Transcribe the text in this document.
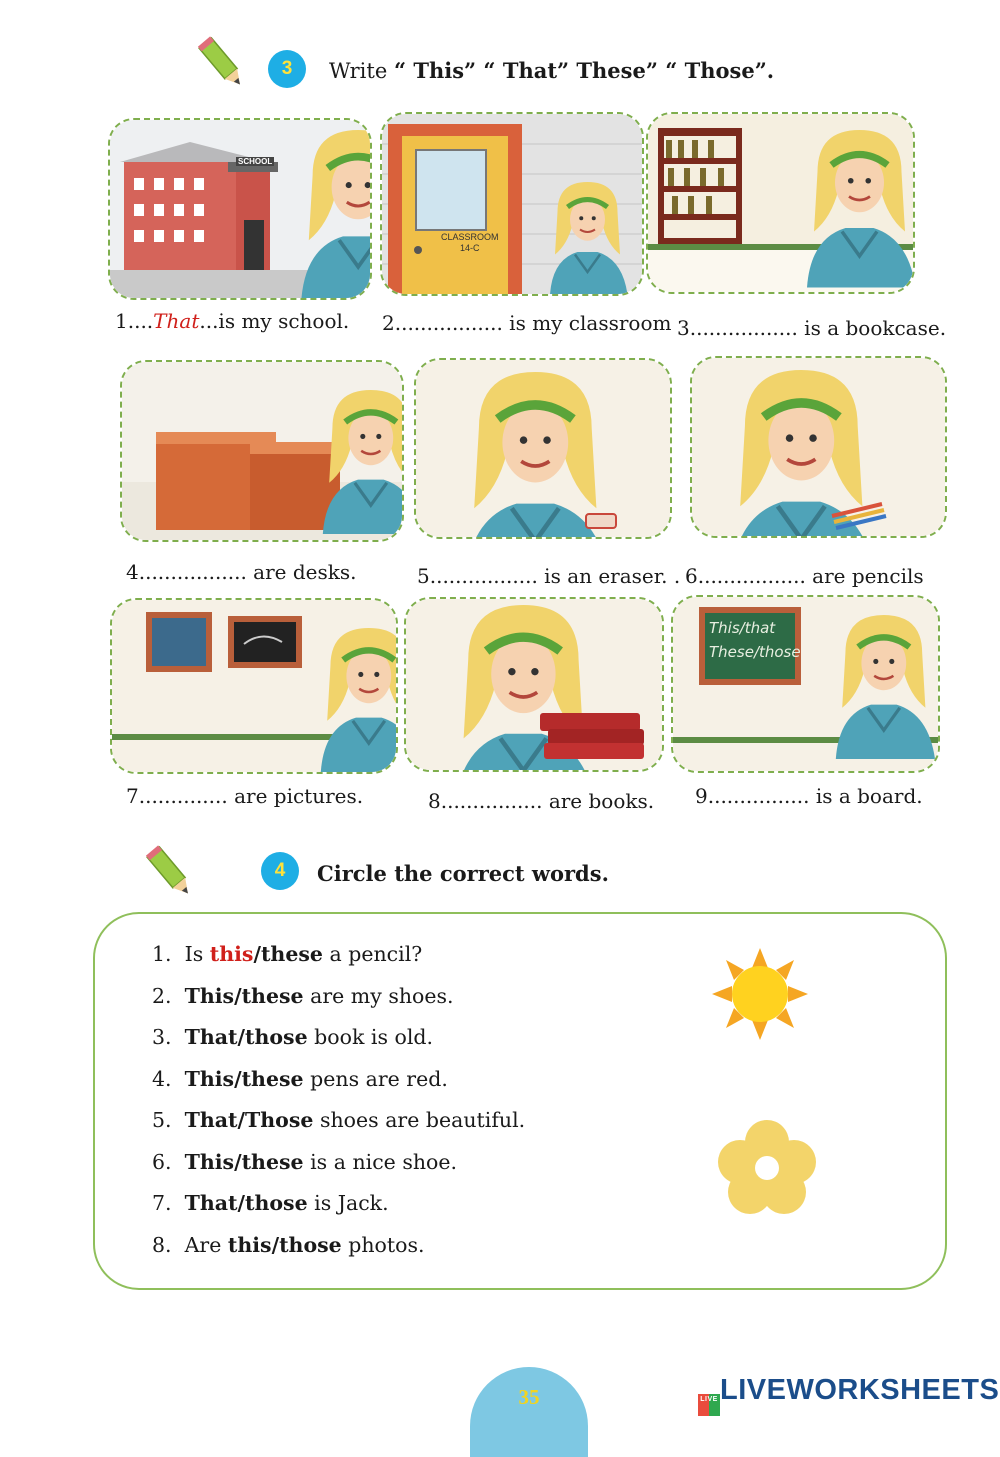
3	Write “ This” “ That” These” “ Those”.
SCHOOL
CLASSROOM
14-C
1....That...is my school. 2................. is my classroom 3................. is a bookcase.
4................. are desks.	5................. is an eraser. . 6................. are pencils
This/that
These/those
7.............. are pictures.	8................ are books. 9................ is a board.
4	Circle the correct words.
1. Is this/these a pencil?
2. This/these are my shoes.
3. That/those book is old.
4. This/these pens are red.
5. That/Those shoes are beautiful.
6. This/these is a nice shoe.
7. That/those is Jack.
8. Are this/those photos.
35	LIVELIVEWORKSHEETS
